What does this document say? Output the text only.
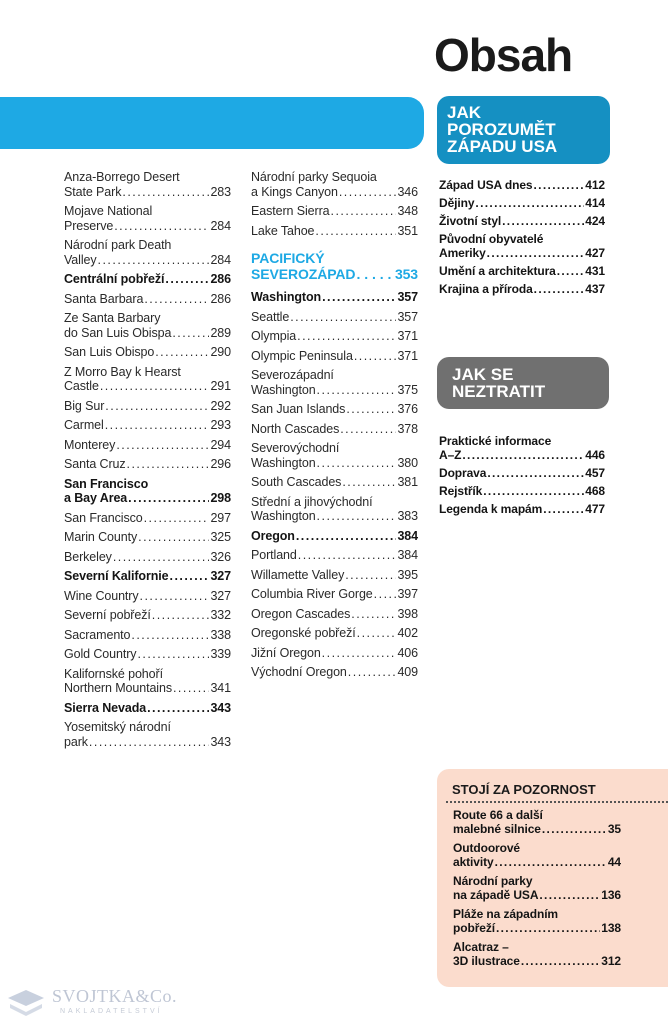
Obsah
Anza-Borrego Desert
State Park . . .	283
Mojave National
Preserve . . .	284
Národní park Death
Valley . . .	284
Centrální pobřeží . . .	286
Santa Barbara . . .	286
Ze Santa Barbary
do San Luis Obispa . . .	289
San Luis Obispo . . .	290
Z Morro Bay k Hearst
Castle . . .	291
Big Sur . . .	292
Carmel . . .	293
Monterey . . .	294
Santa Cruz . . .	296
San Francisco
a Bay Area . . .	298
San Francisco . . .	297
Marin County . . .	325
Berkeley . . .	326
Severní Kalifornie . . .	327
Wine Country . . .	327
Severní pobřeží . . .	332
Sacramento . . .	338
Gold Country . . .	339
Kalifornské pohoří
Northern Mountains . . .	341
Sierra Nevada . . .	343
Yosemitský národní
park . . .	343
Národní parky Sequoia
a Kings Canyon . . .	346
Eastern Sierra . . .	348
Lake Tahoe . . .	351
PACIFICKÝ
SEVEROZÁPAD . . .	353
Washington . . .	357
Seattle . . .	357
Olympia . . .	371
Olympic Peninsula . . .	371
Severozápadní
Washington . . .	375
San Juan Islands . . .	376
North Cascades . . .	378
Severovýchodní
Washington . . .	380
South Cascades . . .	381
Střední a jihovýchodní
Washington . . .	383
Oregon . . .	384
Portland . . .	384
Willamette Valley . . .	395
Columbia River Gorge . . . 397
Oregon Cascades . . .	398
Oregonské pobřeží . . .	402
Jižní Oregon . . .	406
Východní Oregon . . .	409
JAK
POROZUMĚT
ZÁPADU USA
Západ USA dnes . . .	412
Dějiny . . .	414
Životní styl . . .	424
Původní obyvatelé
Ameriky . . .	427
Umění a architektura . . . 431
Krajina a příroda . . .	437
JAK SE
NEZTRATIT
Praktické informace
A–Z . . .	446
Doprava . . .	457
Rejstřík . . .	468
Legenda k mapám . . .	477
STOJÍ ZA POZORNOST
Route 66 a další
malebné silnice . . .	35
Outdoorové
aktivity . . .	44
Národní parky
na západě USA . . .	136
Pláže na západním
pobřeží . . .	138
Alcatraz –
3D ilustrace . . .	312
SVOJTKA&Co.
NAKLADATELSTVÍ
